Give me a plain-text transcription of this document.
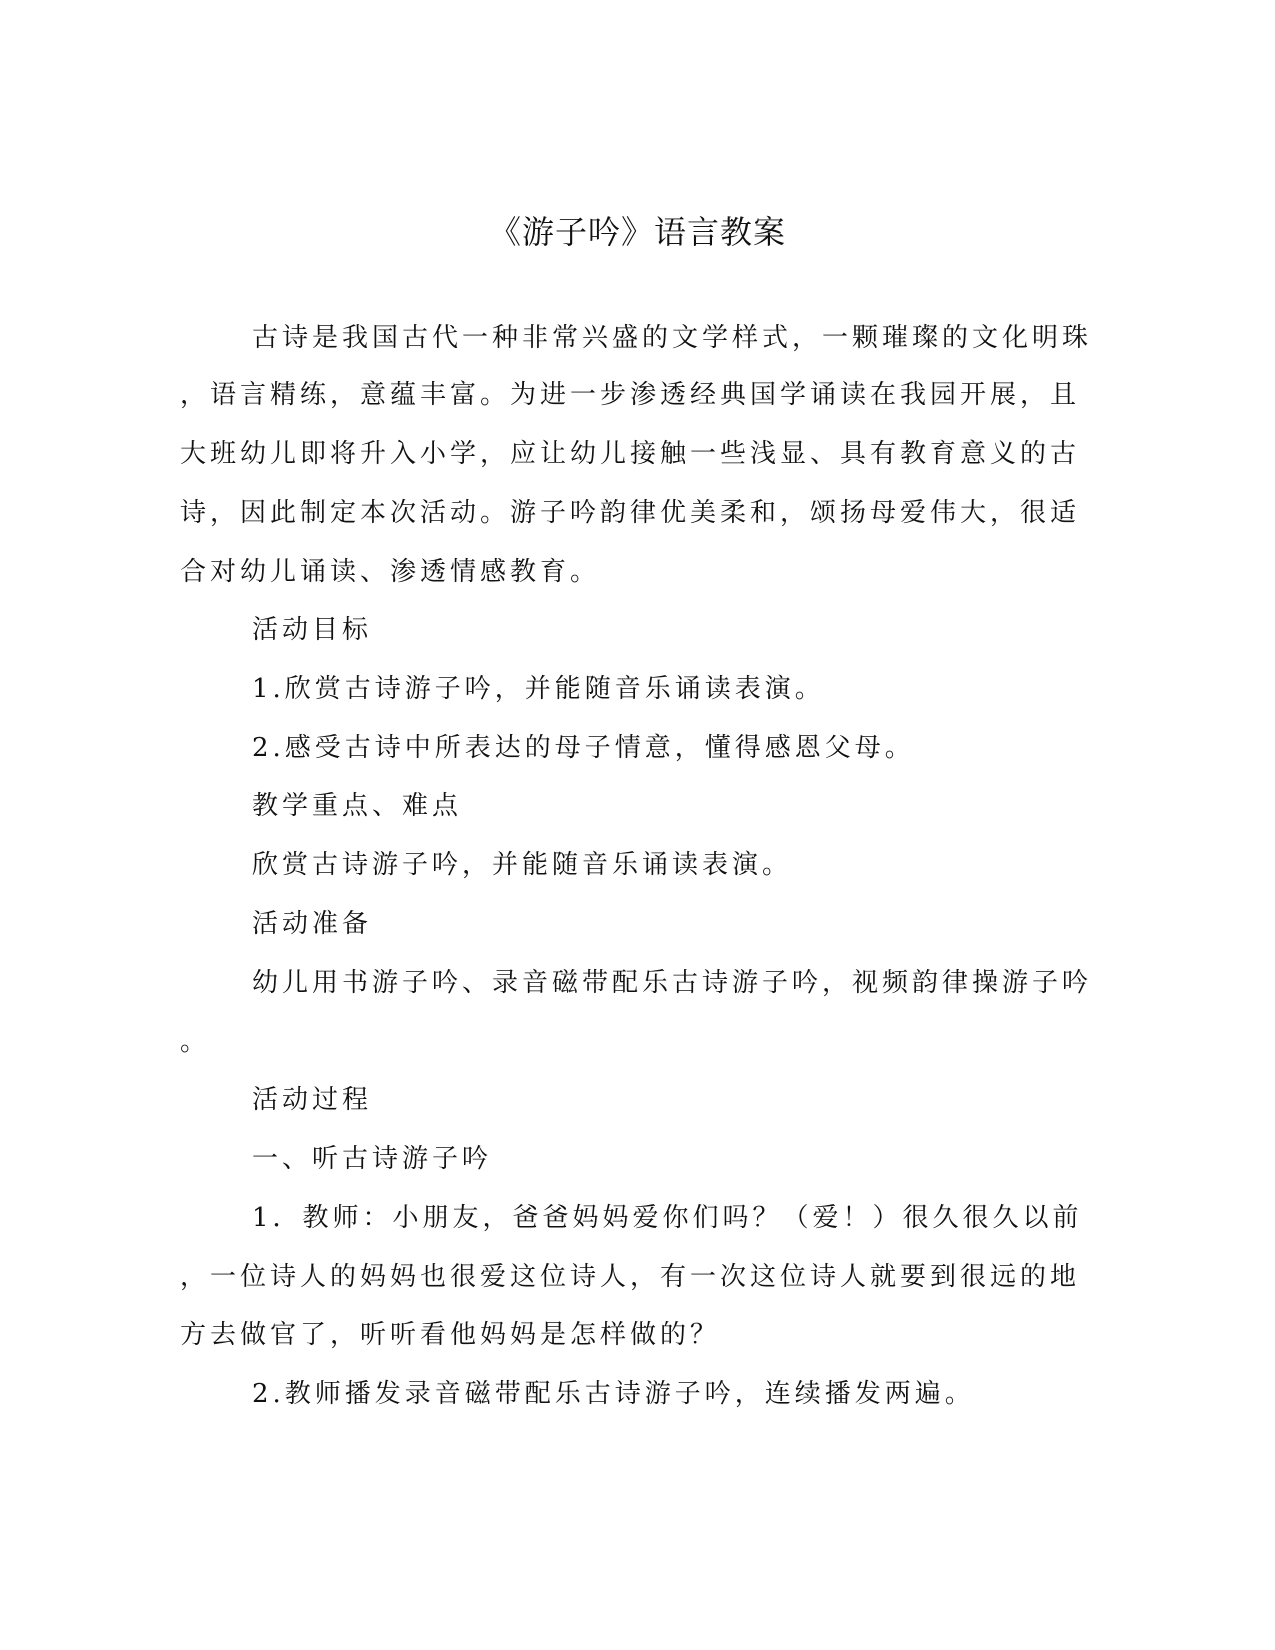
《游子吟》语言教案
古诗是我国古代一种非常兴盛的文学样式，一颗璀璨的文化明珠
，语言精练，意蕴丰富。为进一步渗透经典国学诵读在我园开展，且
大班幼儿即将升入小学，应让幼儿接触一些浅显、具有教育意义的古
诗，因此制定本次活动。游子吟韵律优美柔和，颂扬母爱伟大，很适
合对幼儿诵读、渗透情感教育。
活动目标
1.欣赏古诗游子吟，并能随音乐诵读表演。
2.感受古诗中所表达的母子情意，懂得感恩父母。
教学重点、难点
欣赏古诗游子吟，并能随音乐诵读表演。
活动准备
幼儿用书游子吟、录音磁带配乐古诗游子吟，视频韵律操游子吟
。
活动过程
一、听古诗游子吟
1．教师：小朋友，爸爸妈妈爱你们吗？（爱！）很久很久以前
，一位诗人的妈妈也很爱这位诗人，有一次这位诗人就要到很远的地
方去做官了，听听看他妈妈是怎样做的？
2.教师播发录音磁带配乐古诗游子吟，连续播发两遍。
